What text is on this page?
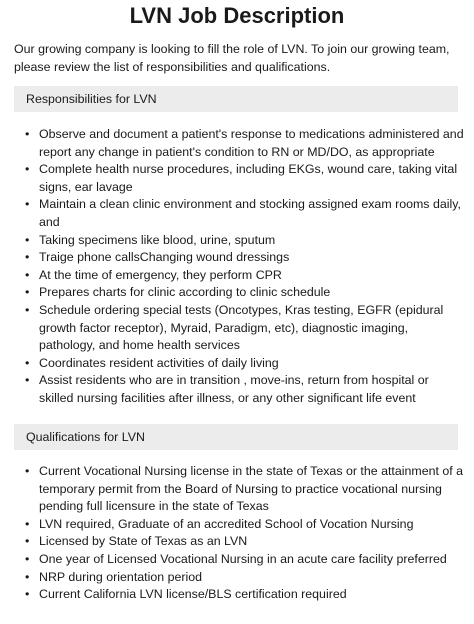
LVN Job Description

Our growing company is looking to fill the role of LVN. To join our growing team, please review the list of responsibilities and qualifications.

Responsibilities for LVN
• Observe and document a patient's response to medications administered and report any change in patient's condition to RN or MD/DO, as appropriate
• Complete health nurse procedures, including EKGs, wound care, taking vital signs, ear lavage
• Maintain a clean clinic environment and stocking assigned exam rooms daily, and
• Taking specimens like blood, urine, sputum
• Traige phone callsChanging wound dressings
• At the time of emergency, they perform CPR
• Prepares charts for clinic according to clinic schedule
• Schedule ordering special tests (Oncotypes, Kras testing, EGFR (epidural growth factor receptor), Myraid, Paradigm, etc), diagnostic imaging, pathology, and home health services
• Coordinates resident activities of daily living
• Assist residents who are in transition , move-ins, return from hospital or skilled nursing facilities after illness, or any other significant life event
Qualifications for LVN
• Current Vocational Nursing license in the state of Texas or the attainment of a temporary permit from the Board of Nursing to practice vocational nursing pending full licensure in the state of Texas
• LVN required, Graduate of an accredited School of Vocation Nursing
• Licensed by State of Texas as an LVN
• One year of Licensed Vocational Nursing in an acute care facility preferred
• NRP during orientation period
• Current California LVN license/BLS certification required
